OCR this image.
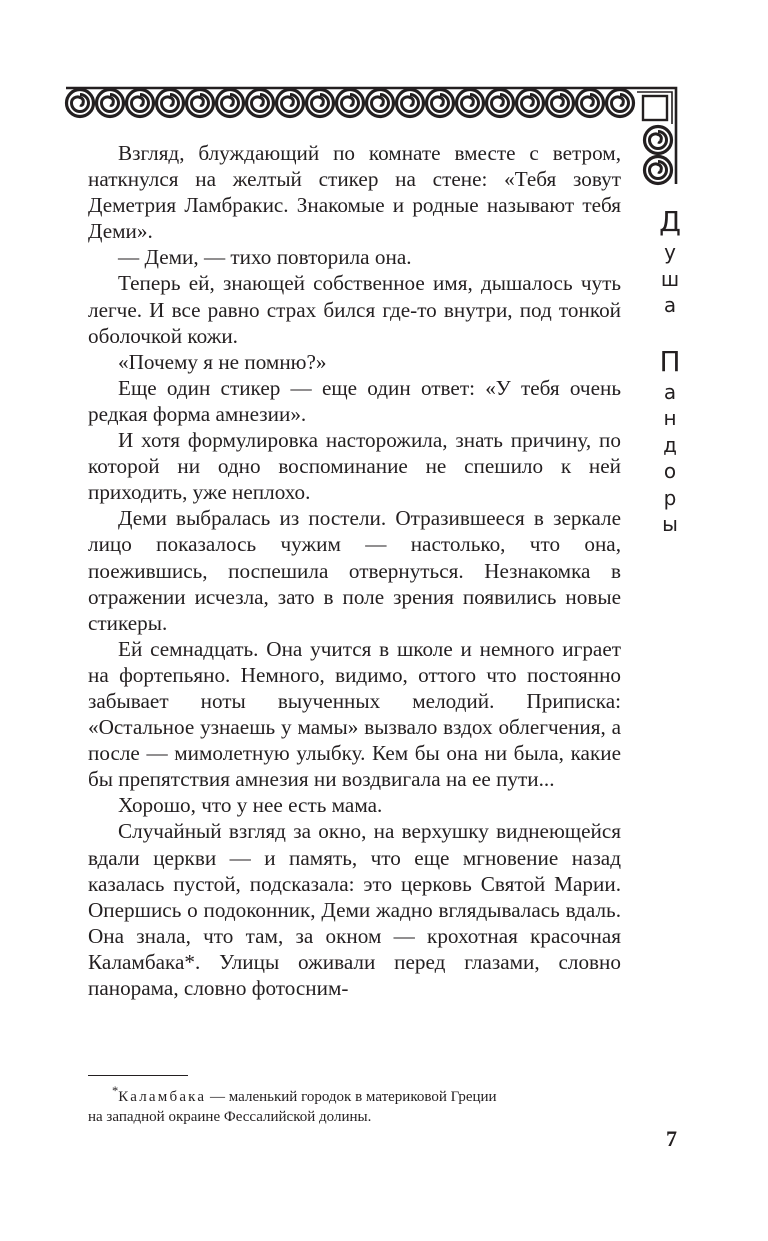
Взгляд, блуждающий по комнате вместе с ветром, наткнулся на желтый стикер на стене: «Тебя зовут Деметрия Ламбракис. Знакомые и родные называют тебя Деми».

— Деми, — тихо повторила она.

Теперь ей, знающей собственное имя, дышалось чуть легче. И все равно страх бился где-то внутри, под тонкой оболочкой кожи.

«Почему я не помню?»

Еще один стикер — еще один ответ: «У тебя очень редкая форма амнезии».

И хотя формулировка насторожила, знать причину, по которой ни одно воспоминание не спешило к ней приходить, уже неплохо.

Деми выбралась из постели. Отразившееся в зеркале лицо показалось чужим — настолько, что она, поежившись, поспешила отвернуться. Незнакомка в отражении исчезла, зато в поле зрения появились новые стикеры.

Ей семнадцать. Она учится в школе и немного играет на фортепьяно. Немного, видимо, оттого что постоянно забывает ноты выученных мелодий. Приписка: «Остальное узнаешь у мамы» вызвало вздох облегчения, а после — мимолетную улыбку. Кем бы она ни была, какие бы препятствия амнезия ни воздвигала на ее пути...

Хорошо, что у нее есть мама.

Случайный взгляд за окно, на верхушку виднеющейся вдали церкви — и память, что еще мгновение назад казалась пустой, подсказала: это церковь Святой Марии. Опершись о подоконник, Деми жадно вглядывалась вдаль. Она знала, что там, за окном — крохотная красочная Каламбака*. Улицы оживали перед глазами, словно панорама, словно фотосним-

Д
у
ш
а
П
а
н
д
о
р
ы

*Каламбака — маленький городок в материковой Греции

на западной окраине Фессалийской долины.

7
